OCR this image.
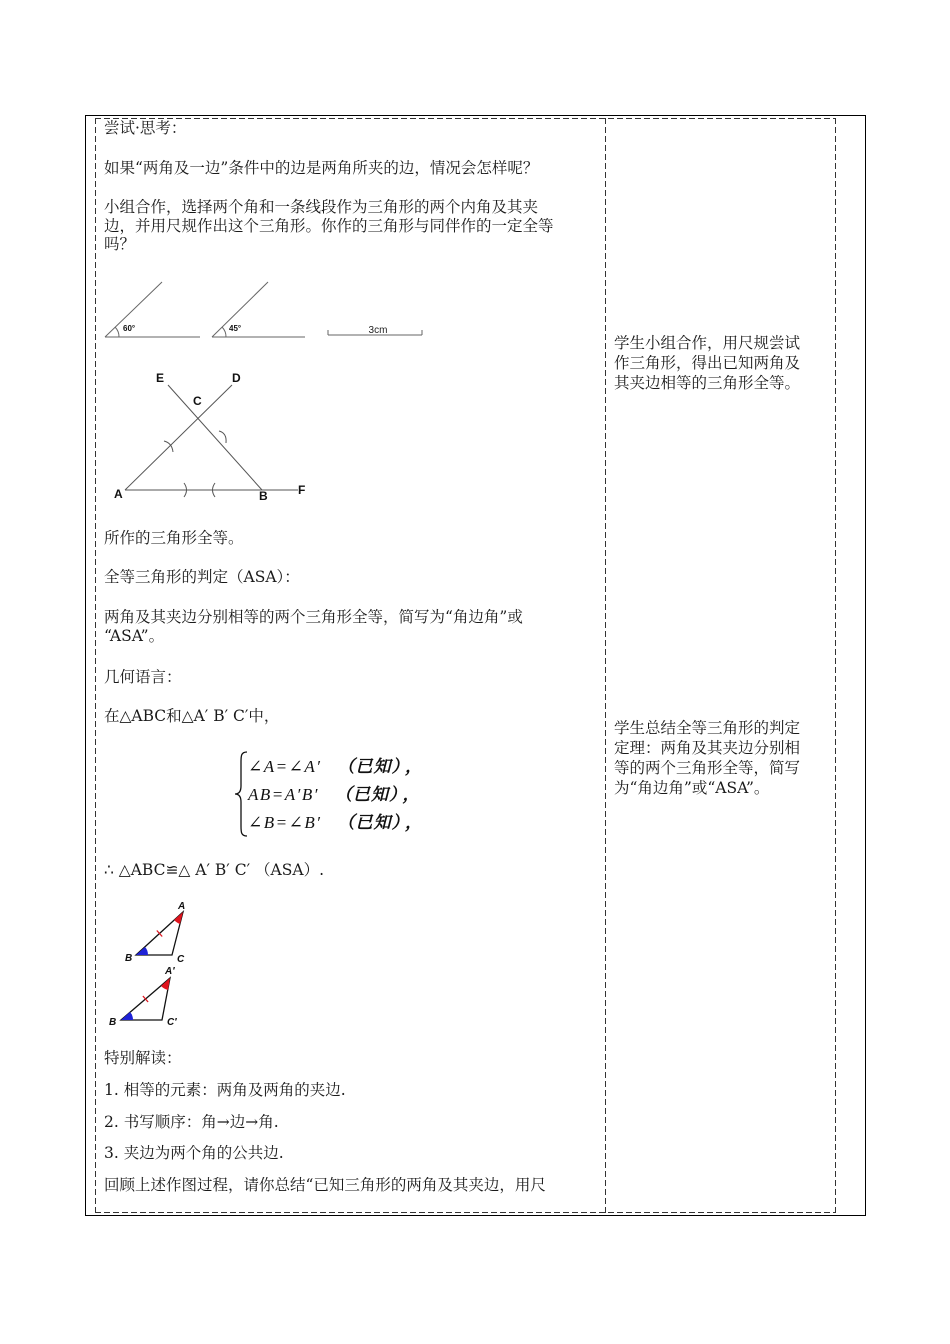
60°	45°	3cm
E	D
C
A	B	F
A
B	C
A′
B	C′
尝试·思考：
如果“两角及一边”条件中的边是两角所夹的边，情况会怎样呢？
小组合作，选择两个角和一条线段作为三角形的两个内角及其夹
边，并用尺规作出这个三角形。你作的三角形与同伴作的一定全等
吗？
所作的三角形全等。
全等三角形的判定（ASA）：
两角及其夹边分别相等的两个三角形全等，简写为“角边角”或
“ASA”。
几何语言：
在△ABC和△A′ B′ C′中，
∠A=∠A′ （已知） ，
AB=A′B′ （已知） ，
∠B=∠B′ （已知） ，
∴ △ABC≌△ A′ B′ C′ （ASA）.
特别解读：
1. 相等的元素：两角及两角的夹边.
2. 书写顺序：角→边→角.
3. 夹边为两个角的公共边.
回顾上述作图过程，请你总结“已知三角形的两角及其夹边，用尺
学生小组合作，用尺规尝试
作三角形，得出已知两角及
其夹边相等的三角形全等。
学生总结全等三角形的判定
定理：两角及其夹边分别相
等的两个三角形全等，简写
为“角边角”或“ASA”。
